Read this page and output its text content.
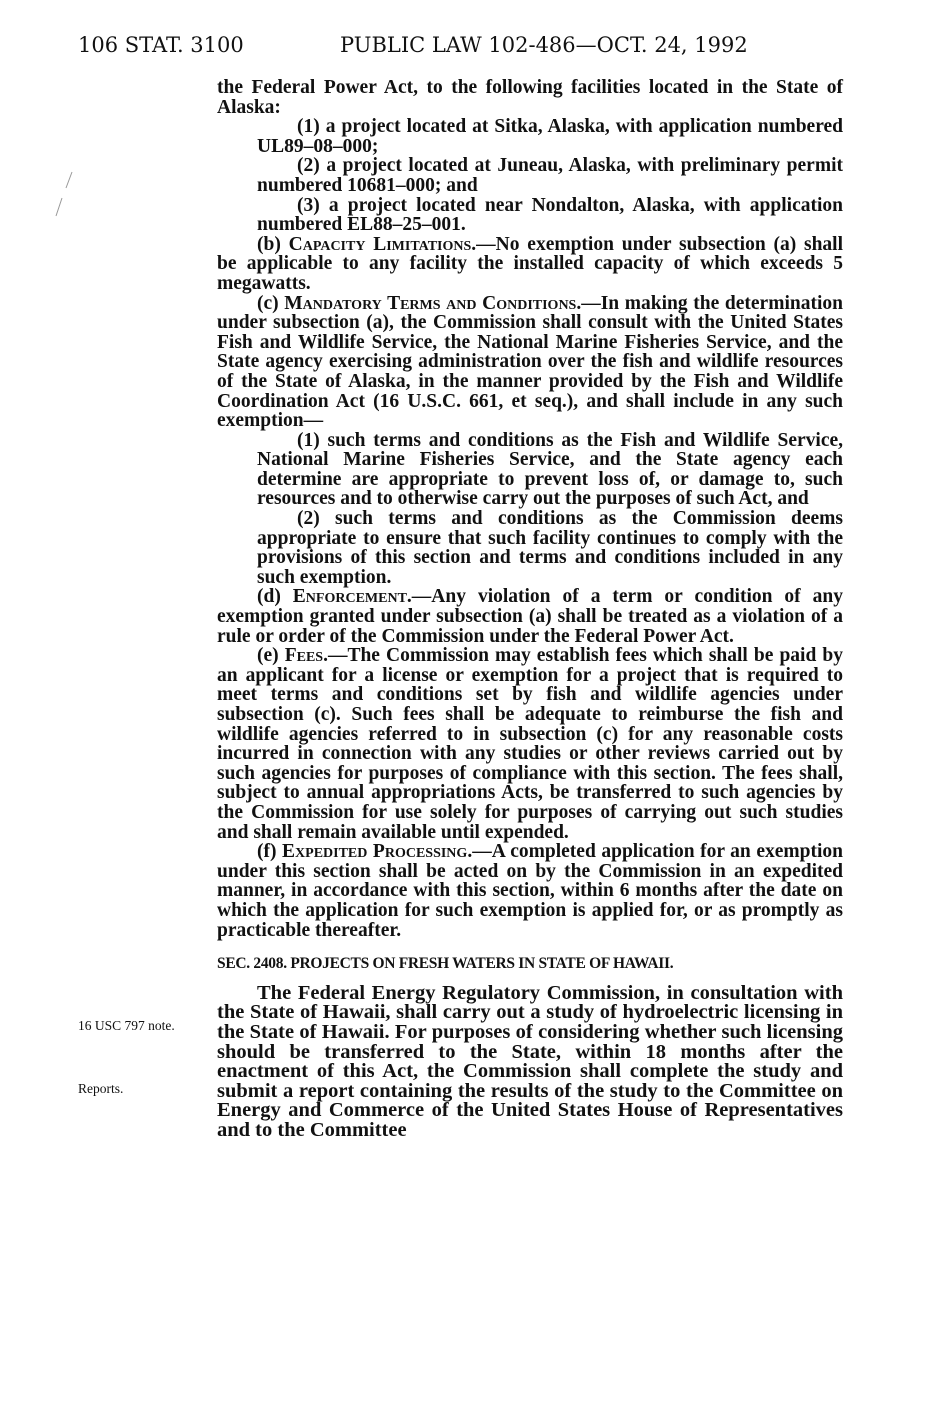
106 STAT. 3100	PUBLIC LAW 102-486—OCT. 24, 1992
16 USC 797 note.
Reports.

the Federal Power Act, to the following facilities located in the State of Alaska:

(1) a project located at Sitka, Alaska, with application numbered UL89–08–000;

(2) a project located at Juneau, Alaska, with preliminary permit numbered 10681–000; and

(3) a project located near Nondalton, Alaska, with application numbered EL88–25–001.

(b) Capacity Limitations.—No exemption under subsection (a) shall be applicable to any facility the installed capacity of which exceeds 5 megawatts.

(c) Mandatory Terms and Conditions.—In making the determination under subsection (a), the Commission shall consult with the United States Fish and Wildlife Service, the National Marine Fisheries Service, and the State agency exercising administration over the fish and wildlife resources of the State of Alaska, in the manner provided by the Fish and Wildlife Coordination Act (16 U.S.C. 661, et seq.), and shall include in any such exemption—

(1) such terms and conditions as the Fish and Wildlife Service, National Marine Fisheries Service, and the State agency each determine are appropriate to prevent loss of, or damage to, such resources and to otherwise carry out the purposes of such Act, and

(2) such terms and conditions as the Commission deems appropriate to ensure that such facility continues to comply with the provisions of this section and terms and conditions included in any such exemption.

(d) Enforcement.—Any violation of a term or condition of any exemption granted under subsection (a) shall be treated as a violation of a rule or order of the Commission under the Federal Power Act.

(e) Fees.—The Commission may establish fees which shall be paid by an applicant for a license or exemption for a project that is required to meet terms and conditions set by fish and wildlife agencies under subsection (c). Such fees shall be adequate to reimburse the fish and wildlife agencies referred to in subsection (c) for any reasonable costs incurred in connection with any studies or other reviews carried out by such agencies for purposes of compliance with this section. The fees shall, subject to annual appropriations Acts, be transferred to such agencies by the Commission for use solely for purposes of carrying out such studies and shall remain available until expended.

(f) Expedited Processing.—A completed application for an exemption under this section shall be acted on by the Commission in an expedited manner, in accordance with this section, within 6 months after the date on which the application for such exemption is applied for, or as promptly as practicable thereafter.

SEC. 2408. PROJECTS ON FRESH WATERS IN STATE OF HAWAII.

The Federal Energy Regulatory Commission, in consultation with the State of Hawaii, shall carry out a study of hydroelectric licensing in the State of Hawaii. For purposes of considering whether such licensing should be transferred to the State, within 18 months after the enactment of this Act, the Commission shall complete the study and submit a report containing the results of the study to the Committee on Energy and Commerce of the United States House of Representatives and to the Committee
